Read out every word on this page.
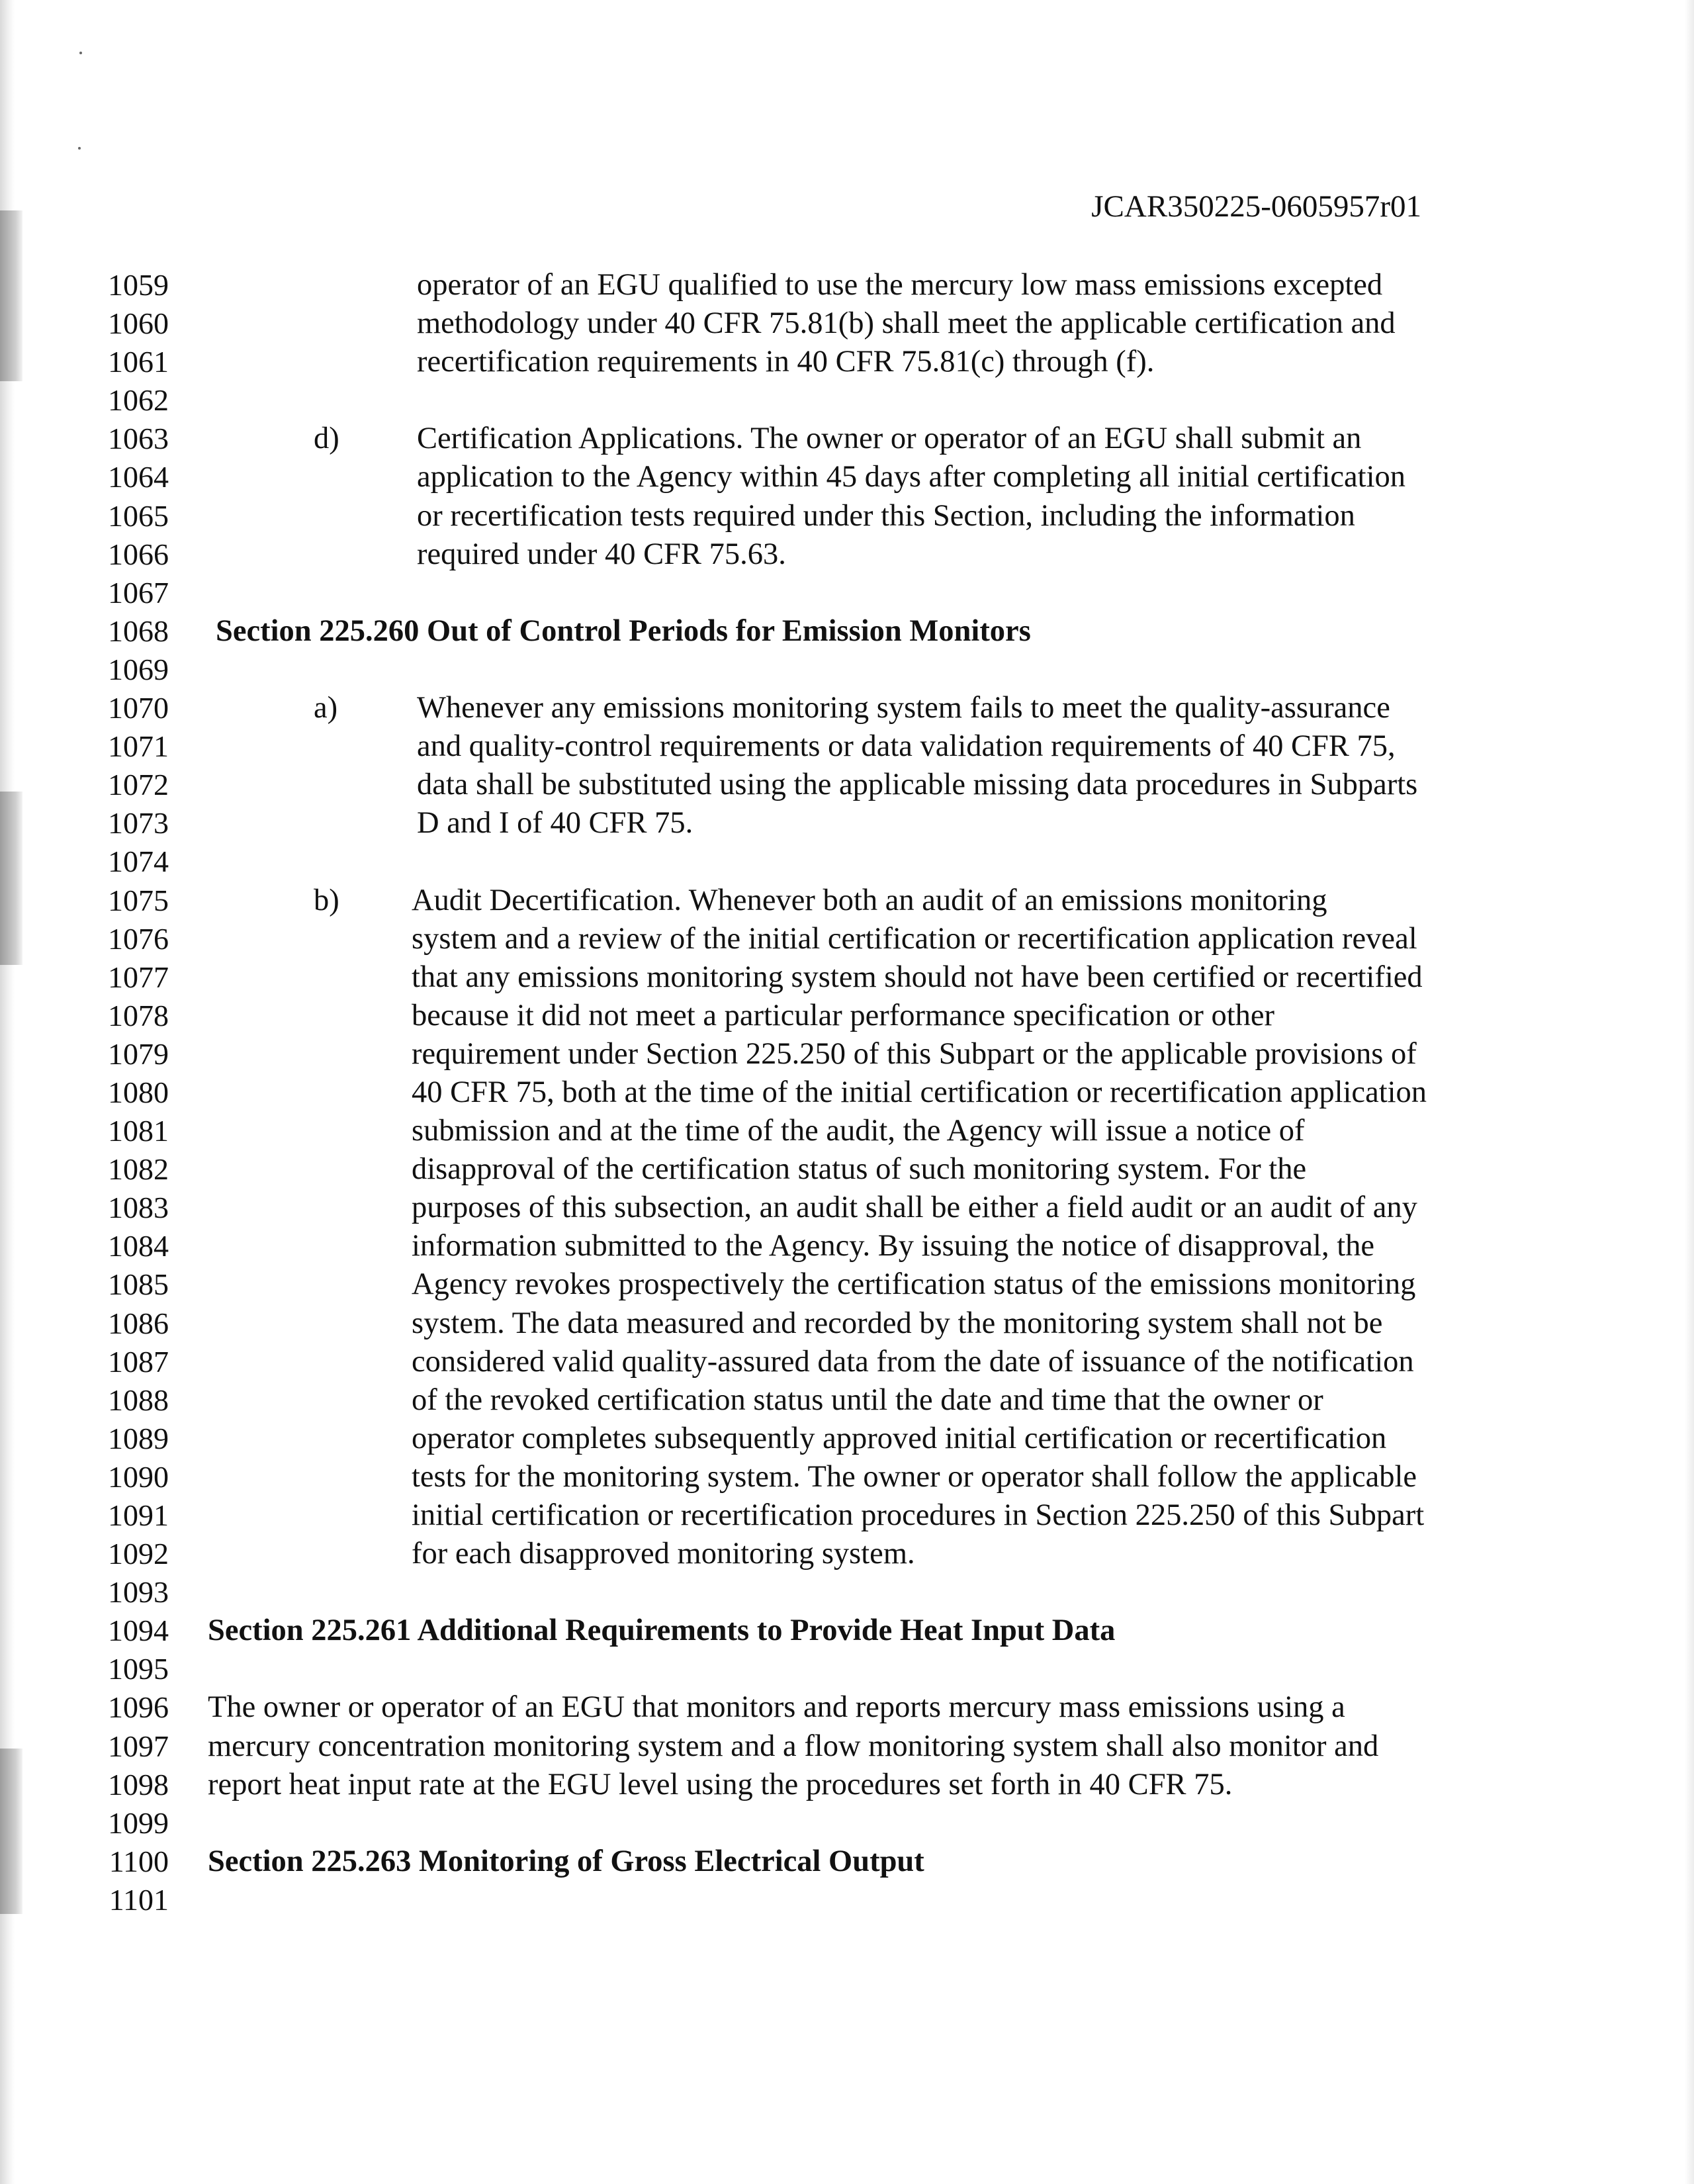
JCAR350225-0605957r01
1059
1060
1061
1062
1063
1064
1065
1066
1067
1068
1069
1070
1071
1072
1073
1074
1075
1076
1077
1078
1079
1080
1081
1082
1083
1084
1085
1086
1087
1088
1089
1090
1091
1092
1093
1094
1095
1096
1097
1098
1099
1100
1101
operator of an EGU qualified to use the mercury low mass emissions excepted
methodology under 40 CFR 75.81(b) shall meet the applicable certification and
recertification requirements in 40 CFR 75.81(c) through (f).
d)	Certification Applications. The owner or operator of an EGU shall submit an
application to the Agency within 45 days after completing all initial certification
or recertification tests required under this Section, including the information
required under 40 CFR 75.63.
Section 225.260 Out of Control Periods for Emission Monitors
a)	Whenever any emissions monitoring system fails to meet the quality-assurance
and quality-control requirements or data validation requirements of 40 CFR 75,
data shall be substituted using the applicable missing data procedures in Subparts
D and I of 40 CFR 75.
b) Audit Decertification. Whenever both an audit of an emissions monitoring
system and a review of the initial certification or recertification application reveal
that any emissions monitoring system should not have been certified or recertified
because it did not meet a particular performance specification or other
requirement under Section 225.250 of this Subpart or the applicable provisions of
40 CFR 75, both at the time of the initial certification or recertification application
submission and at the time of the audit, the Agency will issue a notice of
disapproval of the certification status of such monitoring system. For the
purposes of this subsection, an audit shall be either a field audit or an audit of any
information submitted to the Agency. By issuing the notice of disapproval, the
Agency revokes prospectively the certification status of the emissions monitoring
system. The data measured and recorded by the monitoring system shall not be
considered valid quality-assured data from the date of issuance of the notification
of the revoked certification status until the date and time that the owner or
operator completes subsequently approved initial certification or recertification
tests for the monitoring system. The owner or operator shall follow the applicable
initial certification or recertification procedures in Section 225.250 of this Subpart
for each disapproved monitoring system.
Section 225.261 Additional Requirements to Provide Heat Input Data
The owner or operator of an EGU that monitors and reports mercury mass emissions using a
mercury concentration monitoring system and a flow monitoring system shall also monitor and
report heat input rate at the EGU level using the procedures set forth in 40 CFR 75.
Section 225.263 Monitoring of Gross Electrical Output
